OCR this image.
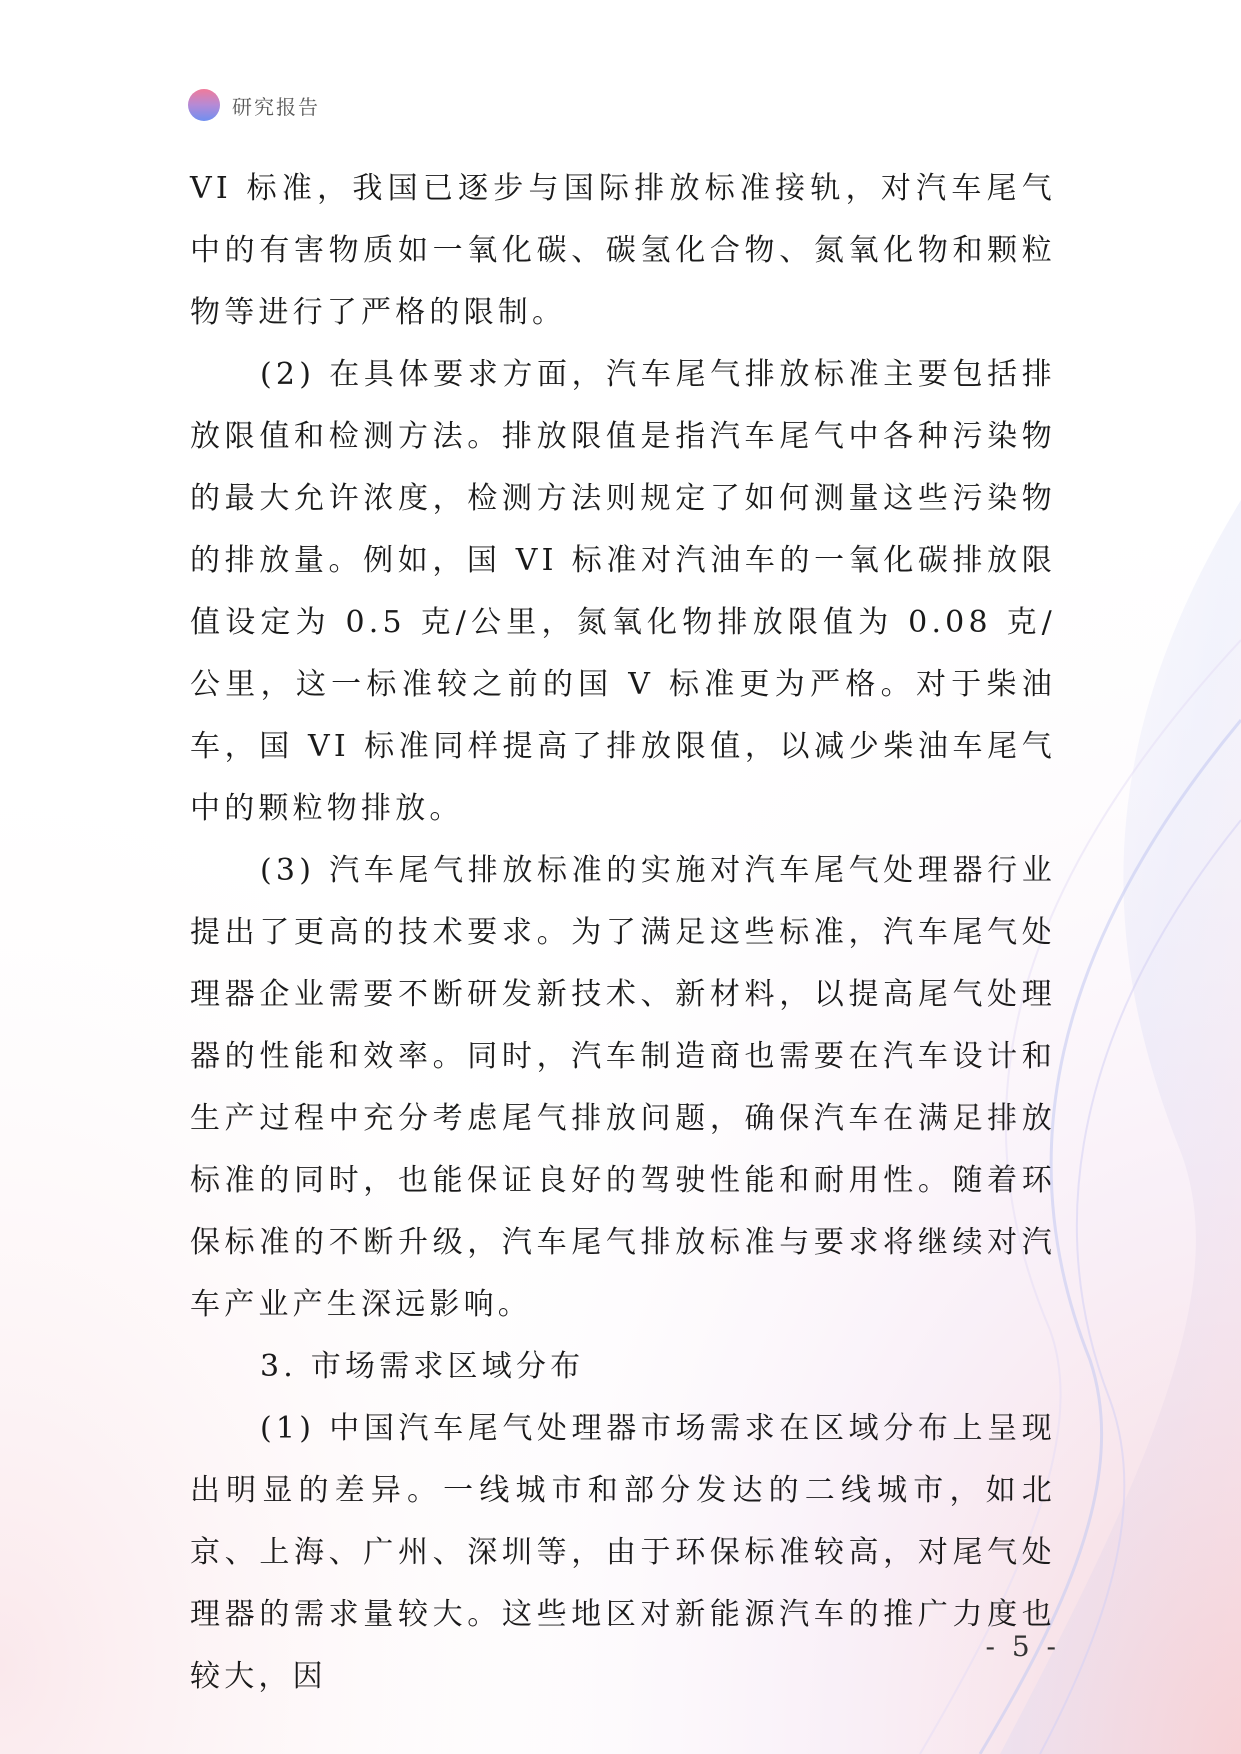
研究报告

VI 标准，我国已逐步与国际排放标准接轨，对汽车尾气中的有害物质如一氧化碳、碳氢化合物、氮氧化物和颗粒物等进行了严格的限制。

(2) 在具体要求方面，汽车尾气排放标准主要包括排放限值和检测方法。排放限值是指汽车尾气中各种污染物的最大允许浓度，检测方法则规定了如何测量这些污染物的排放量。例如，国 VI 标准对汽油车的一氧化碳排放限值设定为 0.5 克/公里，氮氧化物排放限值为 0.08 克/公里，这一标准较之前的国 V 标准更为严格。对于柴油车，国 VI 标准同样提高了排放限值，以减少柴油车尾气中的颗粒物排放。

(3) 汽车尾气排放标准的实施对汽车尾气处理器行业提出了更高的技术要求。为了满足这些标准，汽车尾气处理器企业需要不断研发新技术、新材料，以提高尾气处理器的性能和效率。同时，汽车制造商也需要在汽车设计和生产过程中充分考虑尾气排放问题，确保汽车在满足排放标准的同时，也能保证良好的驾驶性能和耐用性。随着环保标准的不断升级，汽车尾气排放标准与要求将继续对汽车产业产生深远影响。

3. 市场需求区域分布

(1) 中国汽车尾气处理器市场需求在区域分布上呈现出明显的差异。一线城市和部分发达的二线城市，如北京、上海、广州、深圳等，由于环保标准较高，对尾气处理器的需求量较大。这些地区对新能源汽车的推广力度也较大，因

- 5 -
